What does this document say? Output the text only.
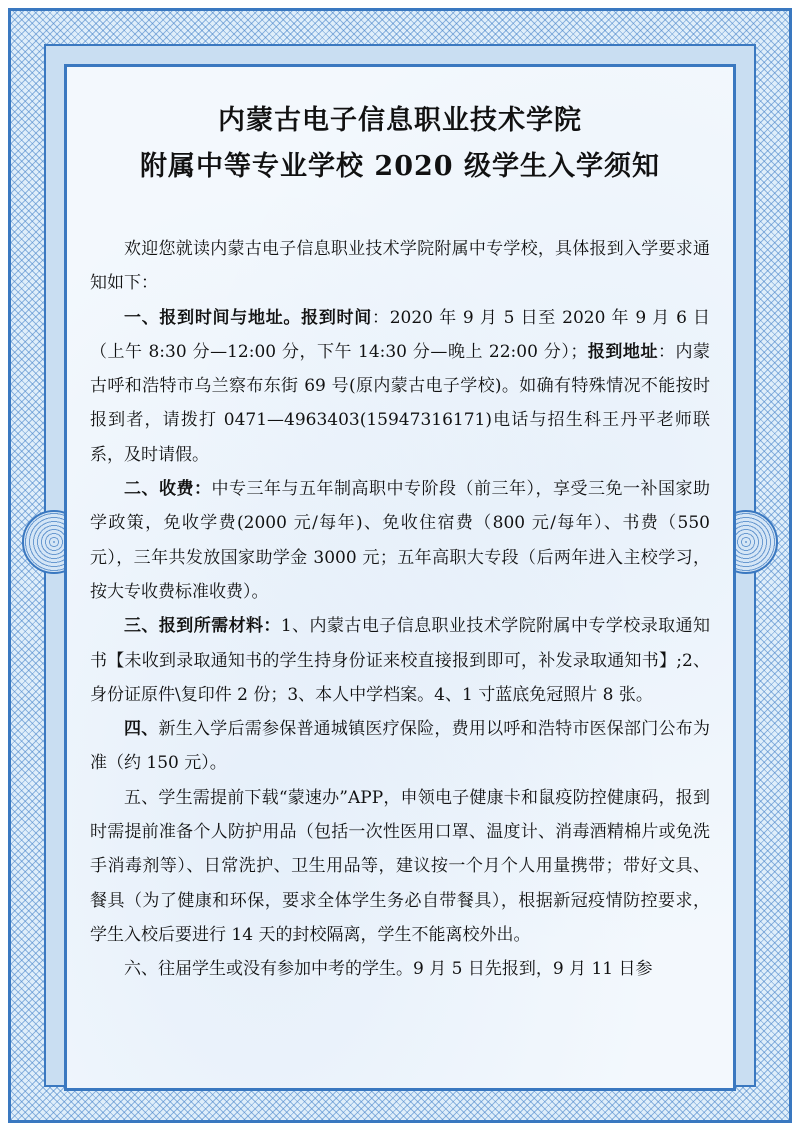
内蒙古电子信息职业技术学院
附属中等专业学校 2020 级学生入学须知

欢迎您就读内蒙古电子信息职业技术学院附属中专学校，具体报到入学要求通知如下：

一、报到时间与地址。报到时间：2020 年 9 月 5 日至 2020 年 9 月 6 日（上午 8:30 分—12:00 分，下午 14:30 分—晚上 22:00 分）；报到地址：内蒙古呼和浩特市乌兰察布东街 69 号(原内蒙古电子学校)。如确有特殊情况不能按时报到者，请拨打 0471—4963403(15947316171)电话与招生科王丹平老师联系，及时请假。

二、收费：中专三年与五年制高职中专阶段（前三年），享受三免一补国家助学政策，免收学费(2000 元/每年)、免收住宿费（800 元/每年）、书费（550 元），三年共发放国家助学金 3000 元；五年高职大专段（后两年进入主校学习，按大专收费标准收费）。

三、报到所需材料：1、内蒙古电子信息职业技术学院附属中专学校录取通知书【未收到录取通知书的学生持身份证来校直接报到即可，补发录取通知书】;2、身份证原件\复印件 2 份；3、本人中学档案。4、1 寸蓝底免冠照片 8 张。

四、新生入学后需参保普通城镇医疗保险，费用以呼和浩特市医保部门公布为准（约 150 元）。

五、学生需提前下载“蒙速办”APP，申领电子健康卡和鼠疫防控健康码，报到时需提前准备个人防护用品（包括一次性医用口罩、温度计、消毒酒精棉片或免洗手消毒剂等）、日常洗护、卫生用品等，建议按一个月个人用量携带；带好文具、餐具（为了健康和环保，要求全体学生务必自带餐具），根据新冠疫情防控要求，学生入校后要进行 14 天的封校隔离，学生不能离校外出。

六、往届学生或没有参加中考的学生。9 月 5 日先报到，9 月 11 日参
